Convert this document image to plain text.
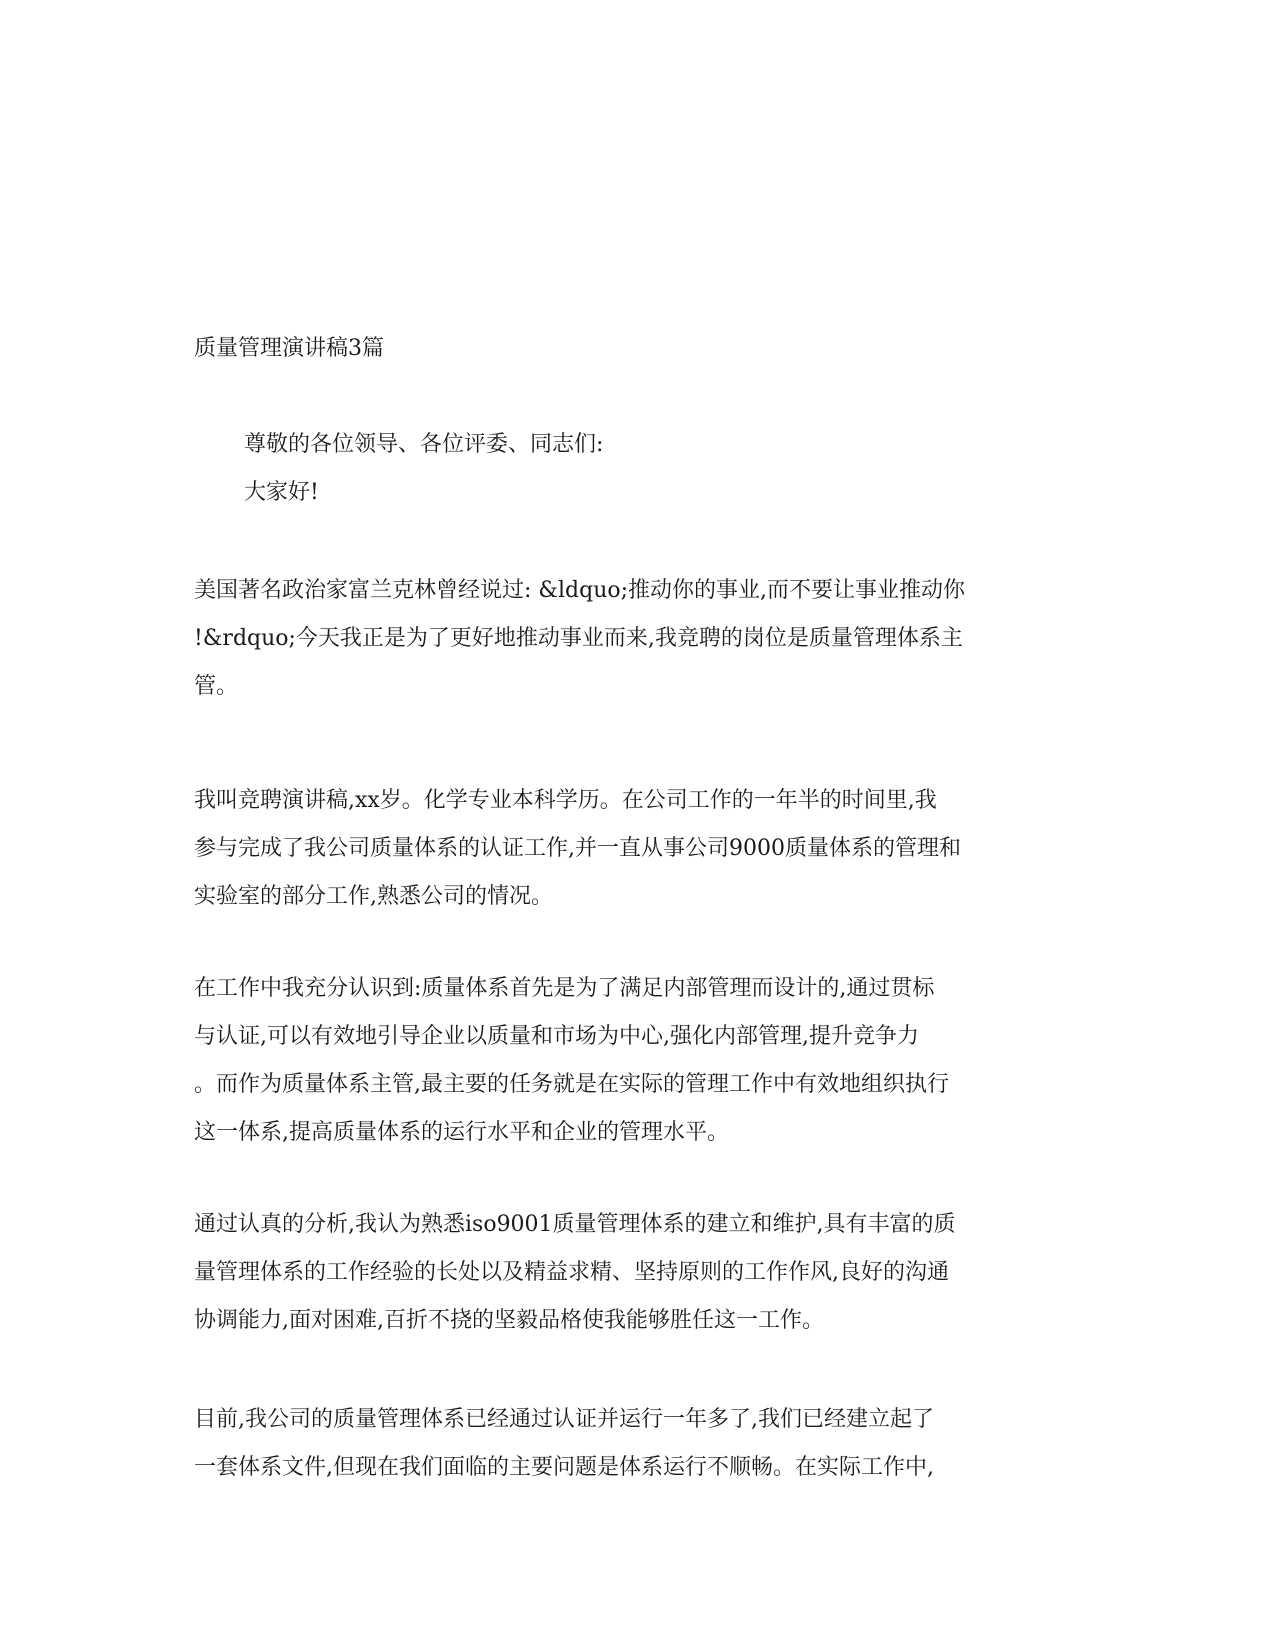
质量管理演讲稿3篇
尊敬的各位领导、各位评委、同志们:
大家好!
美国著名政治家富兰克林曾经说过: &ldquo;推动你的事业,而不要让事业推动你
!&rdquo;今天我正是为了更好地推动事业而来,我竞聘的岗位是质量管理体系主
管。
我叫竞聘演讲稿,xx岁。化学专业本科学历。在公司工作的一年半的时间里,我
参与完成了我公司质量体系的认证工作,并一直从事公司9000质量体系的管理和
实验室的部分工作,熟悉公司的情况。
在工作中我充分认识到:质量体系首先是为了满足内部管理而设计的,通过贯标
与认证,可以有效地引导企业以质量和市场为中心,强化内部管理,提升竞争力
。而作为质量体系主管,最主要的任务就是在实际的管理工作中有效地组织执行
这一体系,提高质量体系的运行水平和企业的管理水平。
通过认真的分析,我认为熟悉iso9001质量管理体系的建立和维护,具有丰富的质
量管理体系的工作经验的长处以及精益求精、坚持原则的工作作风,良好的沟通
协调能力,面对困难,百折不挠的坚毅品格使我能够胜任这一工作。
目前,我公司的质量管理体系已经通过认证并运行一年多了,我们已经建立起了
一套体系文件,但现在我们面临的主要问题是体系运行不顺畅。在实际工作中,
